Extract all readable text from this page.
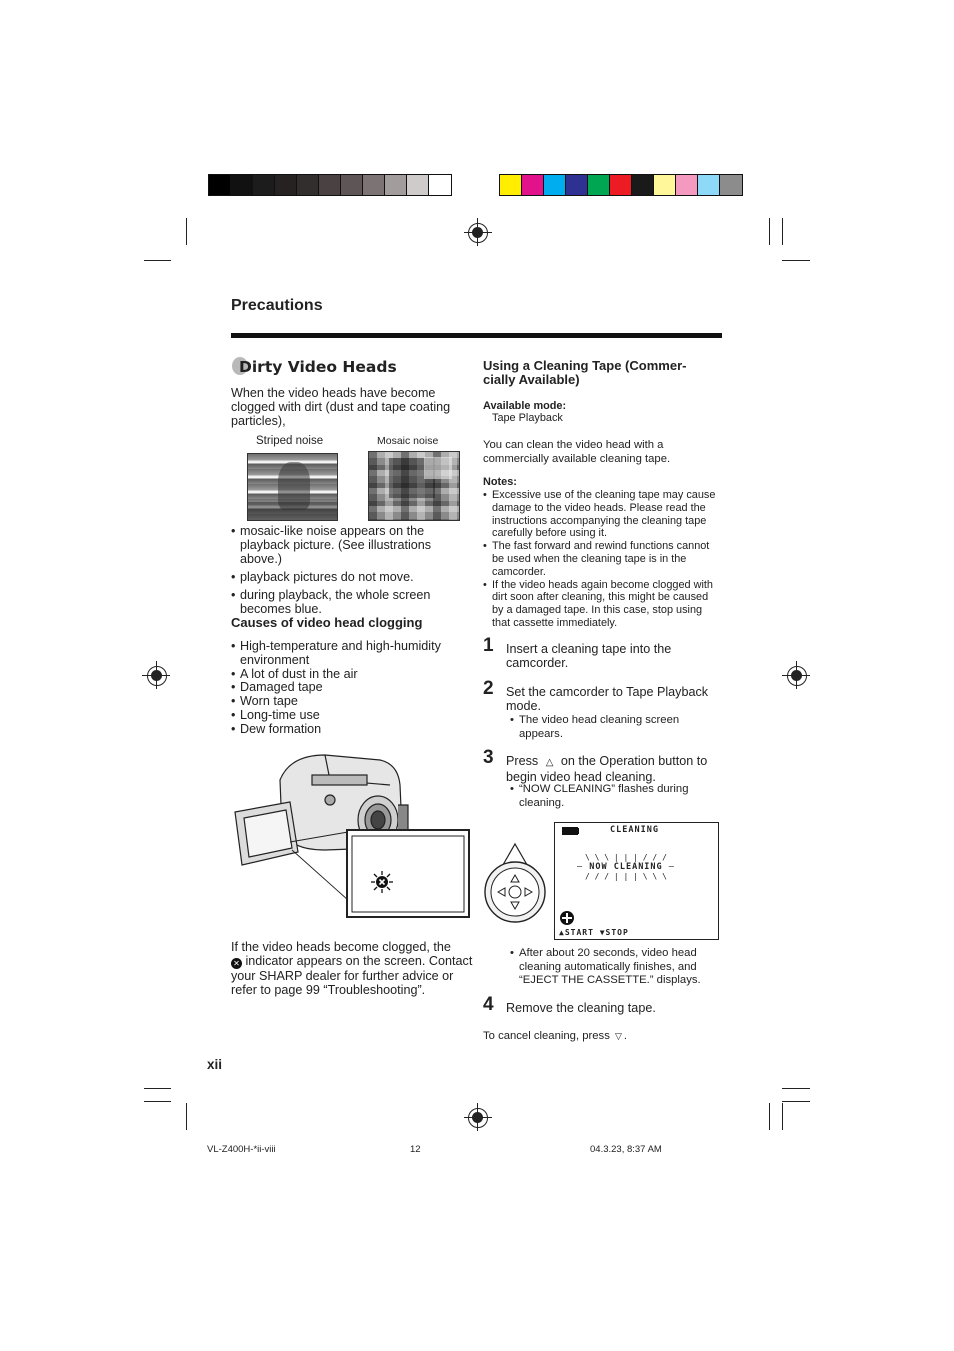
Precautions
Dirty Video Heads
When the video heads have become clogged with dirt (dust and tape coating particles),
Striped noise	Mosaic noise
• mosaic-like noise appears on the playback picture. (See illustrations above.)
• playback pictures do not move.
• during playback, the whole screen becomes blue.
Causes of video head clogging
• High-temperature and high-humidity environment
• A lot of dust in the air
• Damaged tape
• Worn tape
• Long-time use
• Dew formation
If the video heads become clogged, the
✕ indicator appears on the screen. Contact your SHARP dealer for further advice or refer to page 99 “Troubleshooting”.
Using a Cleaning Tape (Commer- cially Available)
Available mode:
Tape Playback
You can clean the video head with a commercially available cleaning tape.
Notes:
• Excessive use of the cleaning tape may cause damage to the video heads. Please read the instructions accompanying the cleaning tape carefully before using it.
• The fast forward and rewind functions cannot be used when the cleaning tape is in the camcorder.
• If the video heads again become clogged with dirt soon after cleaning, this might be caused by a damaged tape. In this case, stop using that cassette immediately.
1 Insert a cleaning tape into the camcorder.
2 Set the camcorder to Tape Playback mode.
• The video head cleaning screen appears.
3 Press △ on the Operation button to begin video head cleaning.
• “NOW CLEANING” flashes during cleaning.
CLEANING
\ \ \ | | | / / /
— NOW CLEANING —
/ / / | | | \ \ \
▲START ▼STOP
• After about 20 seconds, video head cleaning automatically finishes, and “EJECT THE CASSETTE.” displays.
4 Remove the cleaning tape.
To cancel cleaning, press ▽ .
xii
VL-Z400H-*ii-viii	12	04.3.23, 8:37 AM
